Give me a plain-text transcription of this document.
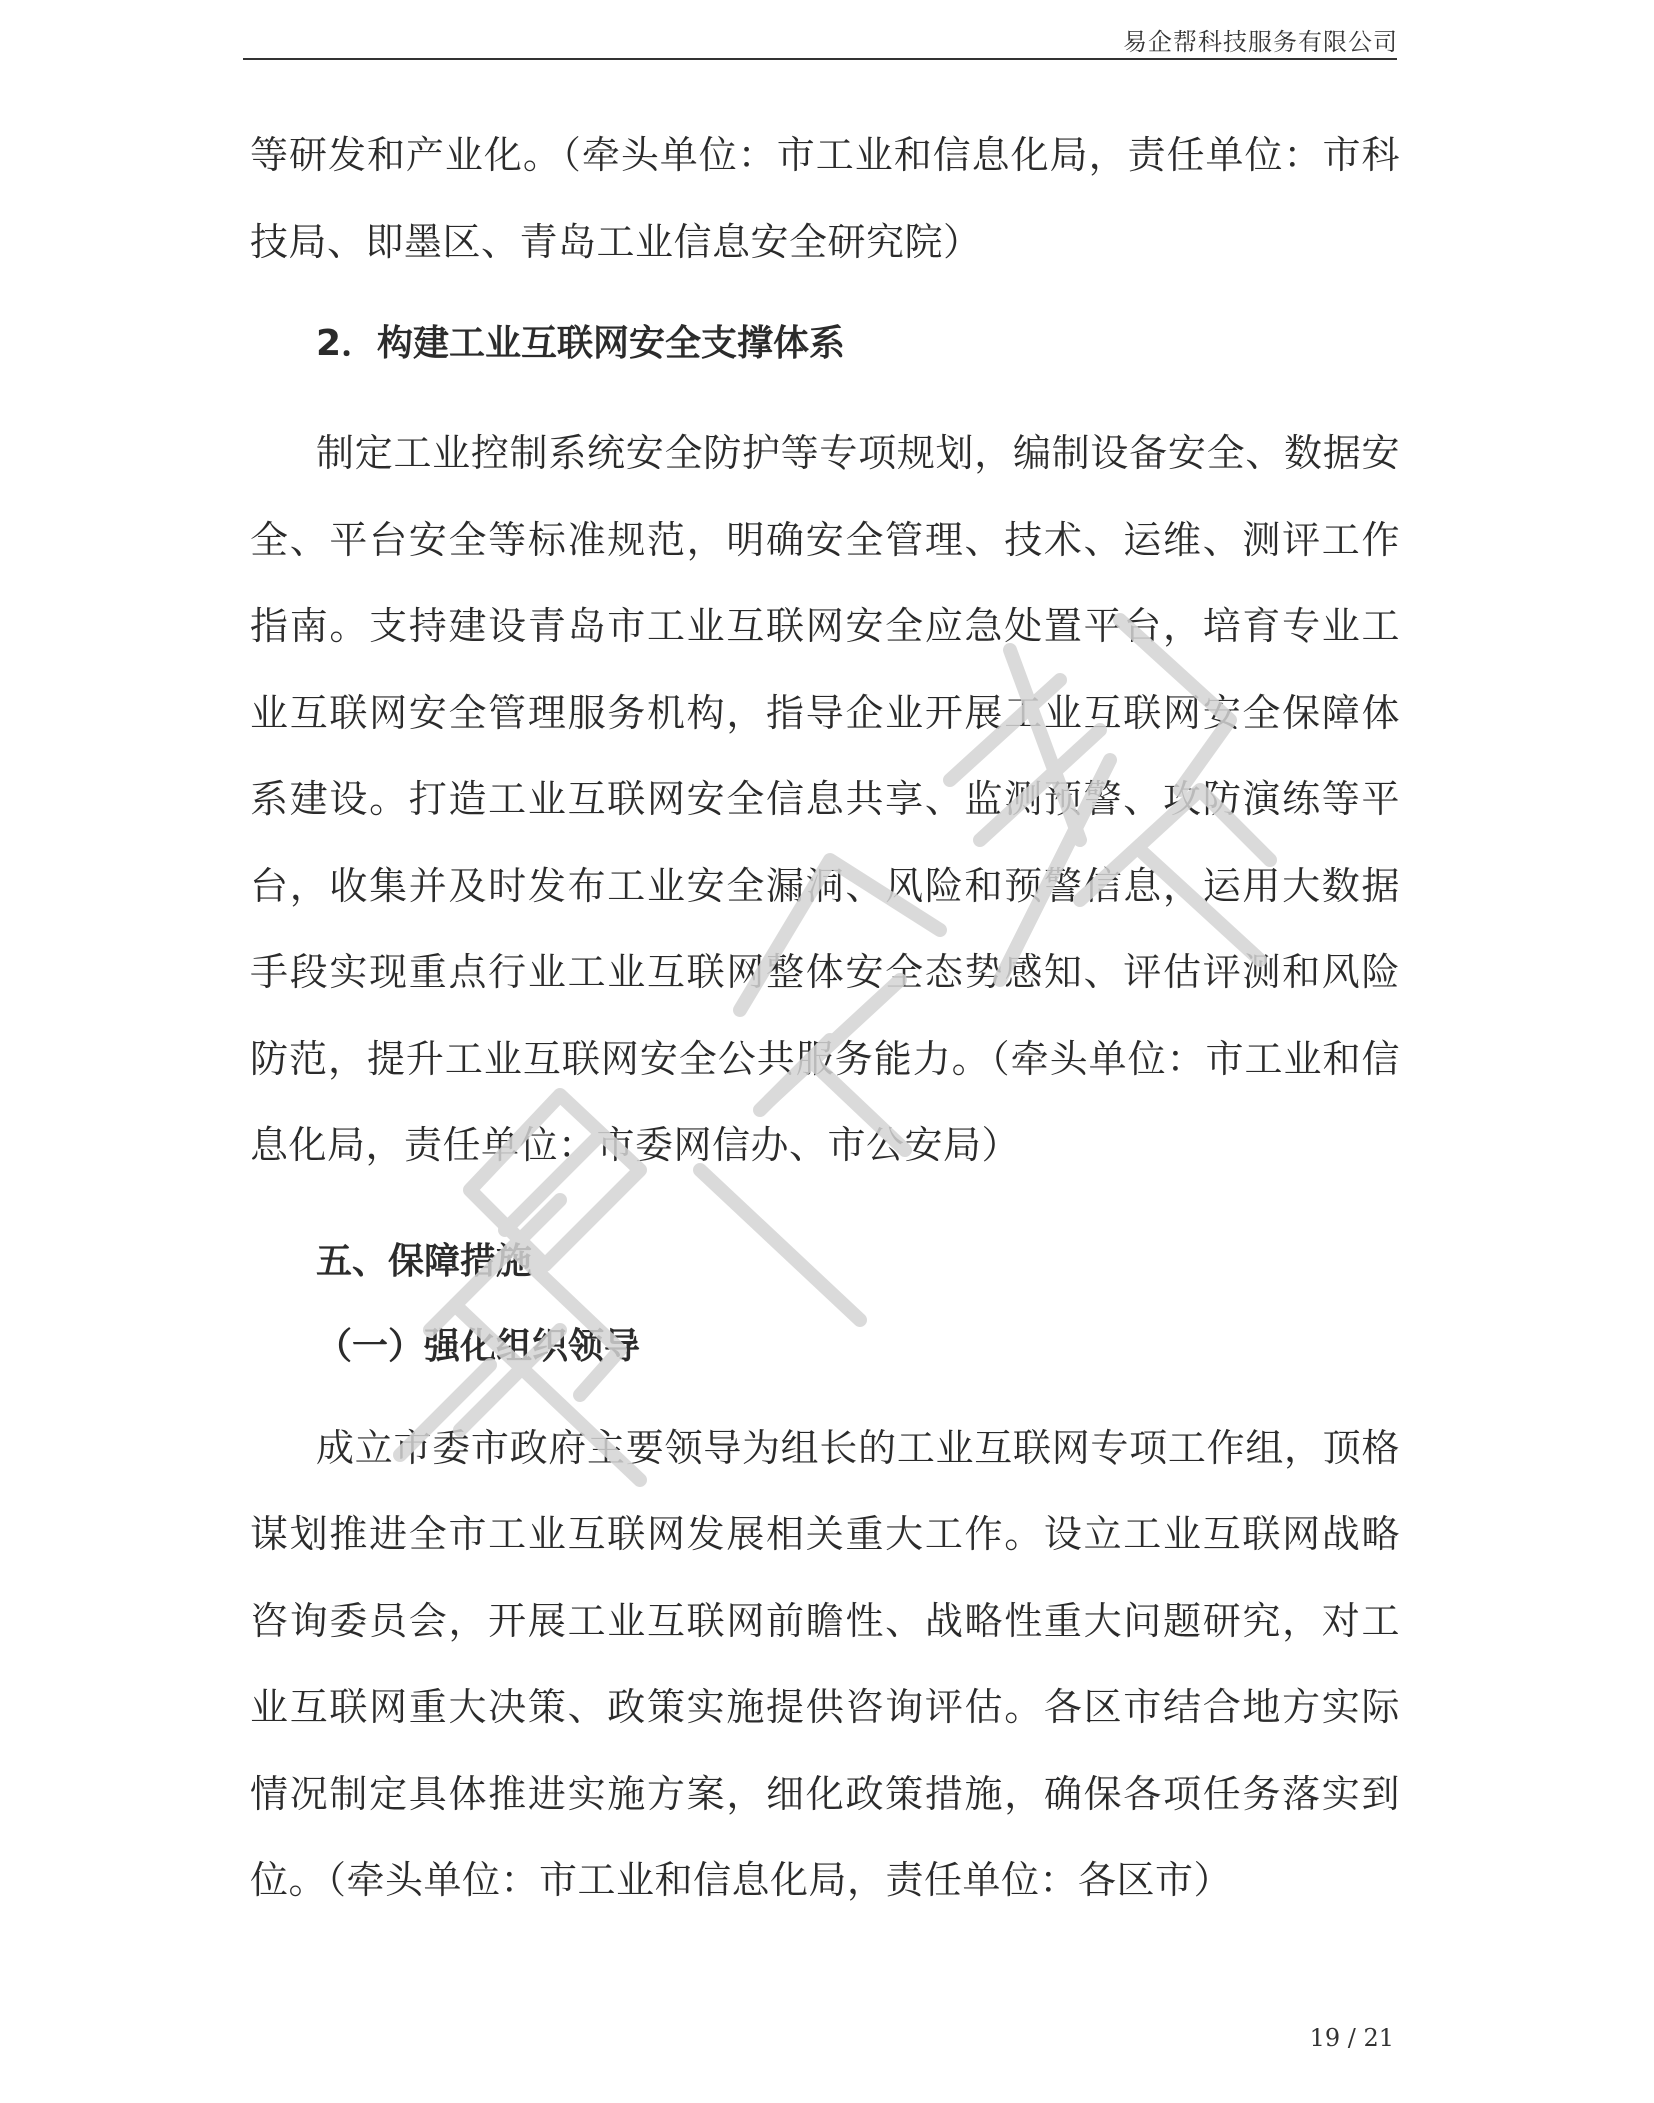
易企帮科技服务有限公司

等研发和产业化。（牵头单位：市工业和信息化局，责任单位：市科技局、即墨区、青岛工业信息安全研究院）

2．构建工业互联网安全支撑体系

制定工业控制系统安全防护等专项规划，编制设备安全、数据安全、平台安全等标准规范，明确安全管理、技术、运维、测评工作指南。支持建设青岛市工业互联网安全应急处置平台，培育专业工业互联网安全管理服务机构，指导企业开展工业互联网安全保障体系建设。打造工业互联网安全信息共享、监测预警、攻防演练等平台，收集并及时发布工业安全漏洞、风险和预警信息，运用大数据手段实现重点行业工业互联网整体安全态势感知、评估评测和风险防范，提升工业互联网安全公共服务能力。（牵头单位：市工业和信息化局，责任单位：市委网信办、市公安局）

五、保障措施

（一）强化组织领导

成立市委市政府主要领导为组长的工业互联网专项工作组，顶格谋划推进全市工业互联网发展相关重大工作。设立工业互联网战略咨询委员会，开展工业互联网前瞻性、战略性重大问题研究，对工业互联网重大决策、政策实施提供咨询评估。各区市结合地方实际情况制定具体推进实施方案，细化政策措施，确保各项任务落实到位。（牵头单位：市工业和信息化局，责任单位：各区市）

19 / 21
